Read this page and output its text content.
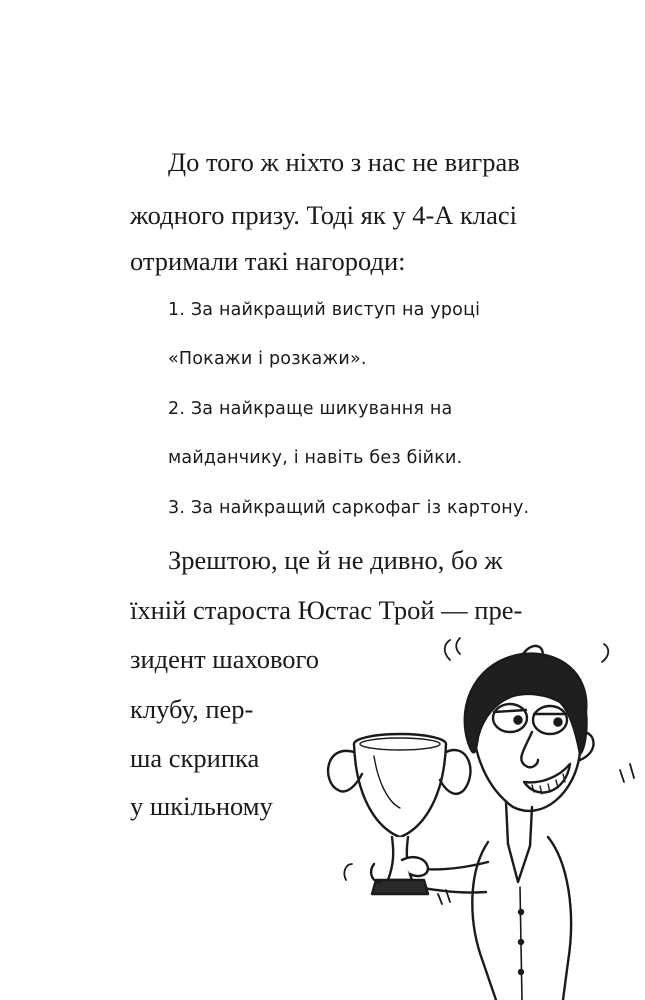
До того ж ніхто з нас не виграв
жодного призу. Тоді як у 4-А класі
отримали такі нагороди:
1. За найкращий виступ на уроці
«Покажи і розкажи».
2. За найкраще шикування на
майданчику, і навіть без бійки.
3. За найкращий саркофаг із картону.
Зрештою, це й не дивно, бо ж
їхній староста Юстас Трой — пре-
зидент шахового
клубу, пер-
ша скрипка
у шкільному
